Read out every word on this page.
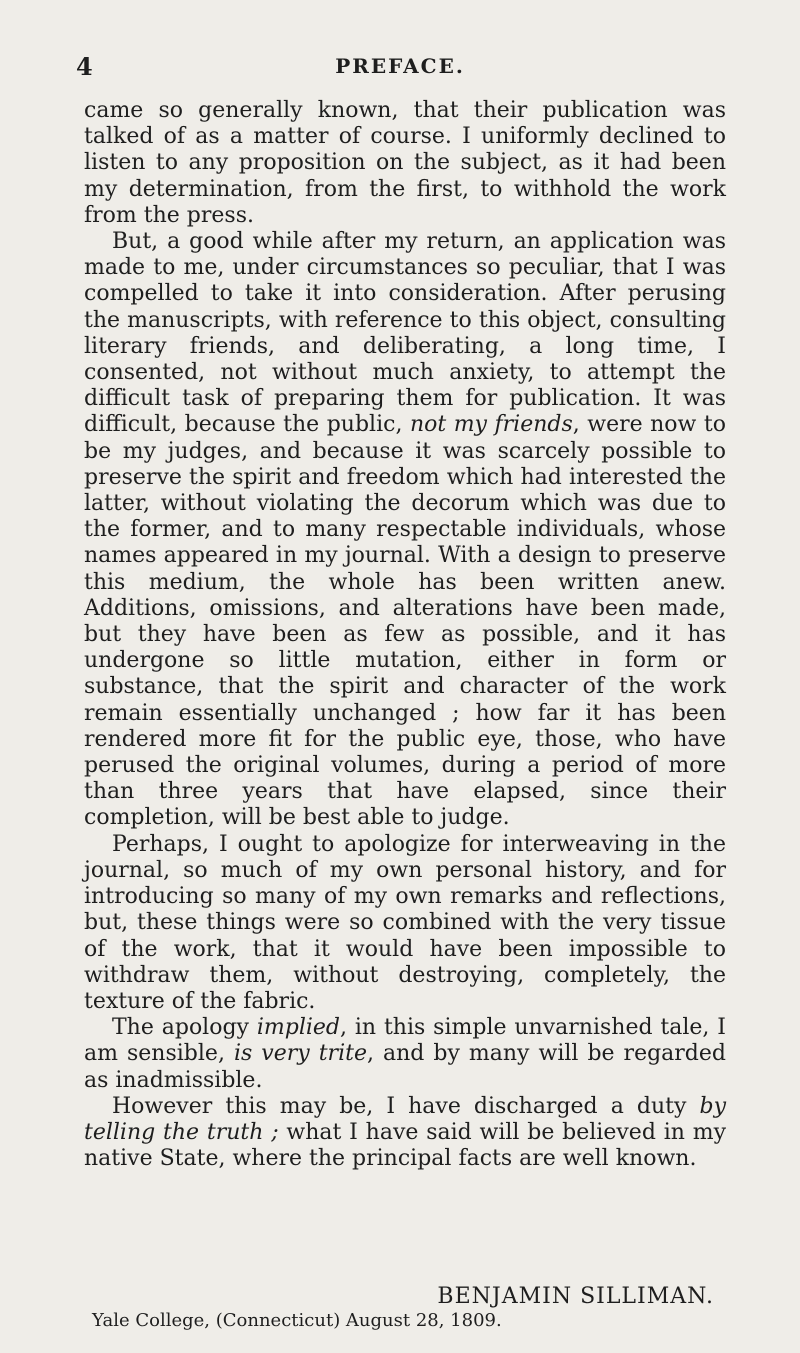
4	PREFACE.

came so generally known, that their publication was talked of as a matter of course. I uniformly declined to listen to any proposition on the subject, as it had been my determination, from the first, to withhold the work from the press.

But, a good while after my return, an application was made to me, under circumstances so peculiar, that I was compelled to take it into consideration. After perusing the manuscripts, with reference to this object, consulting literary friends, and deliberating, a long time, I consented, not without much anxiety, to attempt the difficult task of preparing them for publication. It was difficult, because the public, not my friends, were now to be my judges, and because it was scarcely possible to preserve the spirit and freedom which had interested the latter, without violating the decorum which was due to the former, and to many respectable individuals, whose names appeared in my journal. With a design to preserve this medium, the whole has been written anew. Additions, omissions, and alterations have been made, but they have been as few as possible, and it has undergone so little mutation, either in form or substance, that the spirit and character of the work remain essentially unchanged ; how far it has been rendered more fit for the public eye, those, who have perused the original volumes, during a period of more than three years that have elapsed, since their completion, will be best able to judge.

Perhaps, I ought to apologize for interweaving in the journal, so much of my own personal history, and for introducing so many of my own remarks and reflections, but, these things were so combined with the very tissue of the work, that it would have been impossible to withdraw them, without destroying, completely, the texture of the fabric.

The apology implied, in this simple unvarnished tale, I am sensible, is very trite, and by many will be regarded as inadmissible.

However this may be, I have discharged a duty by telling the truth ; what I have said will be believed in my native State, where the principal facts are well known.

BENJAMIN SILLIMAN.
Yale College, (Connecticut) August 28, 1809.
